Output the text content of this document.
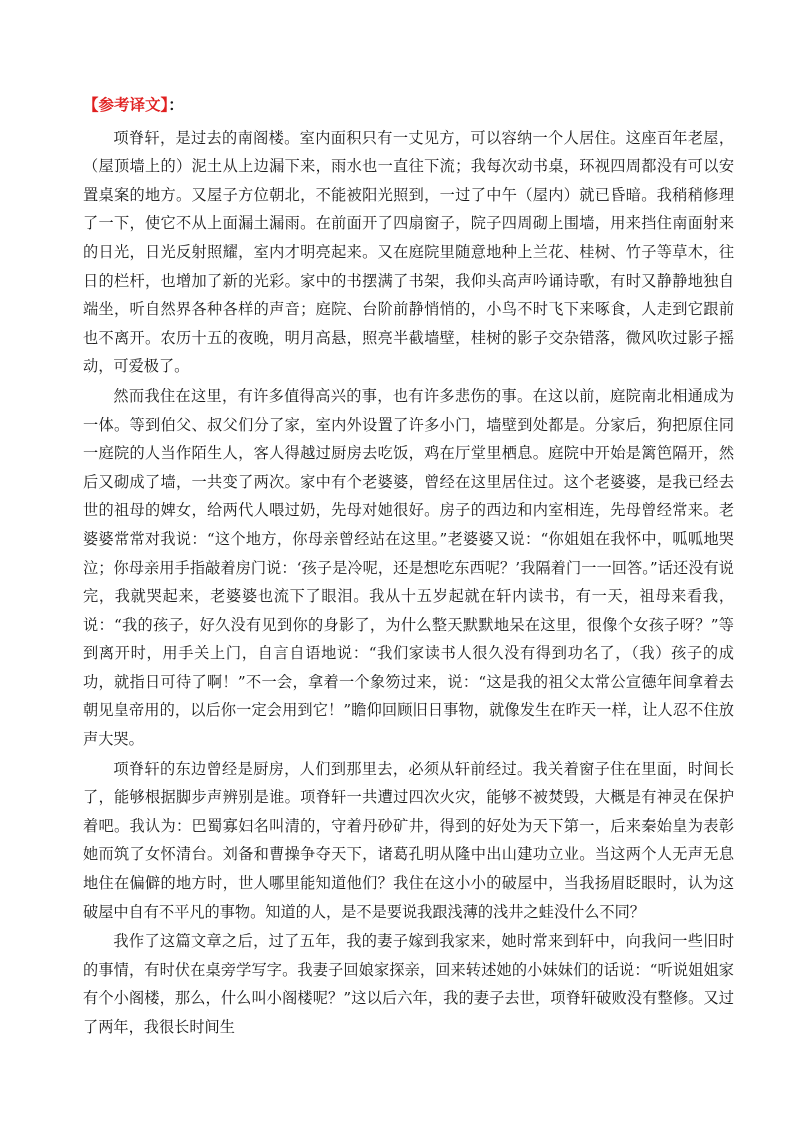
【参考译文】：

项脊轩，是过去的南阁楼。室内面积只有一丈见方，可以容纳一个人居住。这座百年老屋，（屋顶墙上的）泥土从上边漏下来，雨水也一直往下流；我每次动书桌，环视四周都没有可以安置桌案的地方。又屋子方位朝北，不能被阳光照到，一过了中午（屋内）就已昏暗。我稍稍修理了一下，使它不从上面漏土漏雨。在前面开了四扇窗子，院子四周砌上围墙，用来挡住南面射来的日光，日光反射照耀，室内才明亮起来。又在庭院里随意地种上兰花、桂树、竹子等草木，往日的栏杆，也增加了新的光彩。家中的书摆满了书架，我仰头高声吟诵诗歌，有时又静静地独自端坐，听自然界各种各样的声音；庭院、台阶前静悄悄的，小鸟不时飞下来啄食，人走到它跟前也不离开。农历十五的夜晚，明月高悬，照亮半截墙壁，桂树的影子交杂错落，微风吹过影子摇动，可爱极了。

然而我住在这里，有许多值得高兴的事，也有许多悲伤的事。在这以前，庭院南北相通成为一体。等到伯父、叔父们分了家，室内外设置了许多小门，墙壁到处都是。分家后，狗把原住同一庭院的人当作陌生人，客人得越过厨房去吃饭，鸡在厅堂里栖息。庭院中开始是篱笆隔开，然后又砌成了墙，一共变了两次。家中有个老婆婆，曾经在这里居住过。这个老婆婆，是我已经去世的祖母的婢女，给两代人喂过奶，先母对她很好。房子的西边和内室相连，先母曾经常来。老婆婆常常对我说：“这个地方，你母亲曾经站在这里。”老婆婆又说：“你姐姐在我怀中，呱呱地哭泣；你母亲用手指敲着房门说：‘孩子是冷呢，还是想吃东西呢？’我隔着门一一回答。”话还没有说完，我就哭起来，老婆婆也流下了眼泪。我从十五岁起就在轩内读书，有一天，祖母来看我，说：“我的孩子，好久没有见到你的身影了，为什么整天默默地呆在这里，很像个女孩子呀？”等到离开时，用手关上门，自言自语地说：“我们家读书人很久没有得到功名了，（我）孩子的成功，就指日可待了啊！”不一会，拿着一个象笏过来，说：“这是我的祖父太常公宣德年间拿着去朝见皇帝用的，以后你一定会用到它！”瞻仰回顾旧日事物，就像发生在昨天一样，让人忍不住放声大哭。

项脊轩的东边曾经是厨房，人们到那里去，必须从轩前经过。我关着窗子住在里面，时间长了，能够根据脚步声辨别是谁。项脊轩一共遭过四次火灾，能够不被焚毁，大概是有神灵在保护着吧。我认为：巴蜀寡妇名叫清的，守着丹砂矿井，得到的好处为天下第一，后来秦始皇为表彰她而筑了女怀清台。刘备和曹操争夺天下，诸葛孔明从隆中出山建功立业。当这两个人无声无息地住在偏僻的地方时，世人哪里能知道他们？我住在这小小的破屋中，当我扬眉眨眼时，认为这破屋中自有不平凡的事物。知道的人，是不是要说我跟浅薄的浅井之蛙没什么不同？

我作了这篇文章之后，过了五年，我的妻子嫁到我家来，她时常来到轩中，向我问一些旧时的事情，有时伏在桌旁学写字。我妻子回娘家探亲，回来转述她的小妹妹们的话说：“听说姐姐家有个小阁楼，那么，什么叫小阁楼呢？”这以后六年，我的妻子去世，项脊轩破败没有整修。又过了两年，我很长时间生
